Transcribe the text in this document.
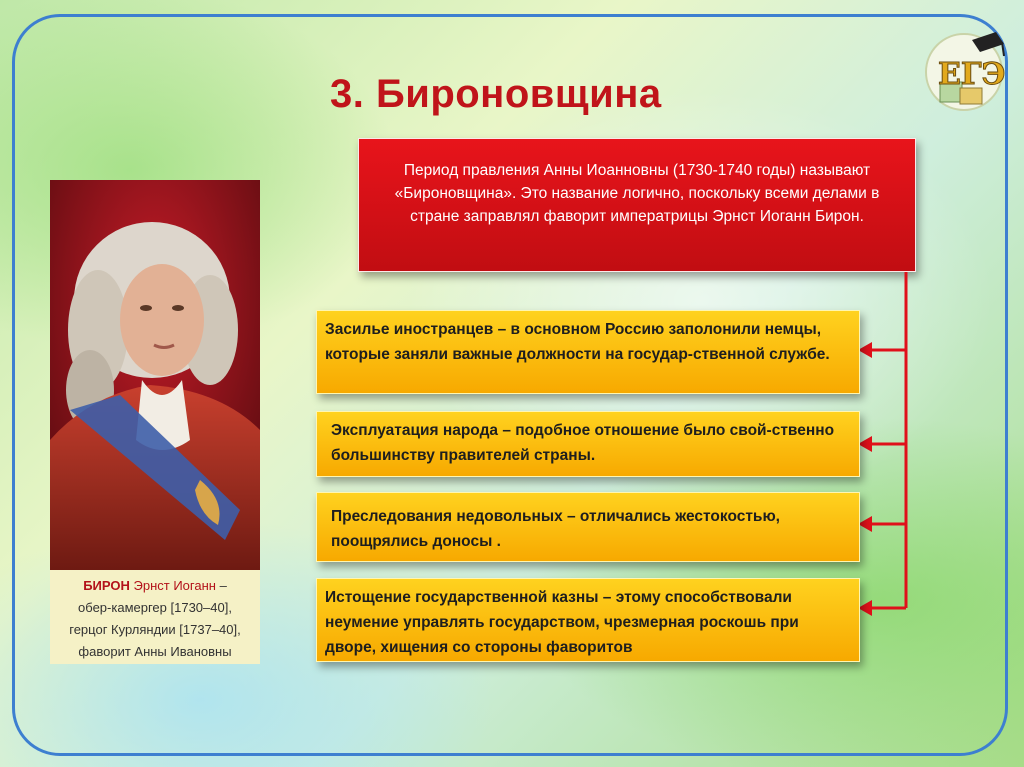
3. Бироновщина	ЕГЭ
БИРОН Эрнст Иоганн –
обер-камергер [1730–40],
герцог Курляндии [1737–40],
фаворит Анны Ивановны
Период правления Анны Иоанновны (1730-1740 годы) называют «Бироновщина». Это название логично, поскольку всеми делами в стране заправлял фаворит императрицы Эрнст Иоганн Бирон.
Засилье иностранцев – в основном Россию заполонили немцы, которые заняли важные должности на государ-ственной службе.
Эксплуатация народа – подобное отношение было свой-ственно большинству правителей страны.
Преследования недовольных – отличались жестокостью, поощрялись доносы .
Истощение государственной казны – этому способствовали неумение управлять государством, чрезмерная роскошь при дворе, хищения со стороны фаворитов
